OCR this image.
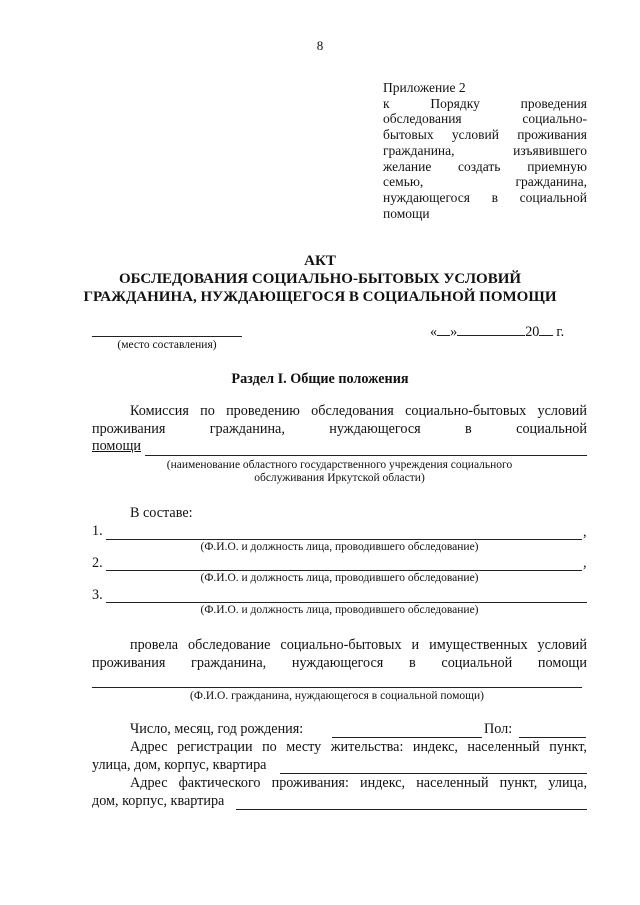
8
Приложение 2
к	Порядку	проведения
обследования	социально-
бытовых условий проживания
гражданина,	изъявившего
желание создать приемную
семью,	гражданина,
нуждающегося в социальной
помощи
АКТ
ОБСЛЕДОВАНИЯ СОЦИАЛЬНО-БЫТОВЫХ УСЛОВИЙ
ГРАЖДАНИНА, НУЖДАЮЩЕГОСЯ В СОЦИАЛЬНОЙ ПОМОЩИ
(место составления)
« »	20 г.
Раздел I. Общие положения
Комиссия по проведению обследования социально-бытовых условий
проживания	гражданина,	нуждающегося	в	социальной
помощи
(наименование областного государственного учреждения социального
обслуживания Иркутской области)
В составе:
1.	,
(Ф.И.О. и должность лица, проводившего обследование)
2.	,
(Ф.И.О. и должность лица, проводившего обследование)
3.
(Ф.И.О. и должность лица, проводившего обследование)
провела обследование социально-бытовых и имущественных условий
проживания гражданина, нуждающегося в социальной помощи
(Ф.И.О. гражданина, нуждающегося в социальной помощи)
Число, месяц, год рождения:	Пол:
Адрес регистрации по месту жительства: индекс, населенный пункт,
улица, дом, корпус, квартира
Адрес фактического проживания: индекс, населенный пункт, улица,
дом, корпус, квартира
